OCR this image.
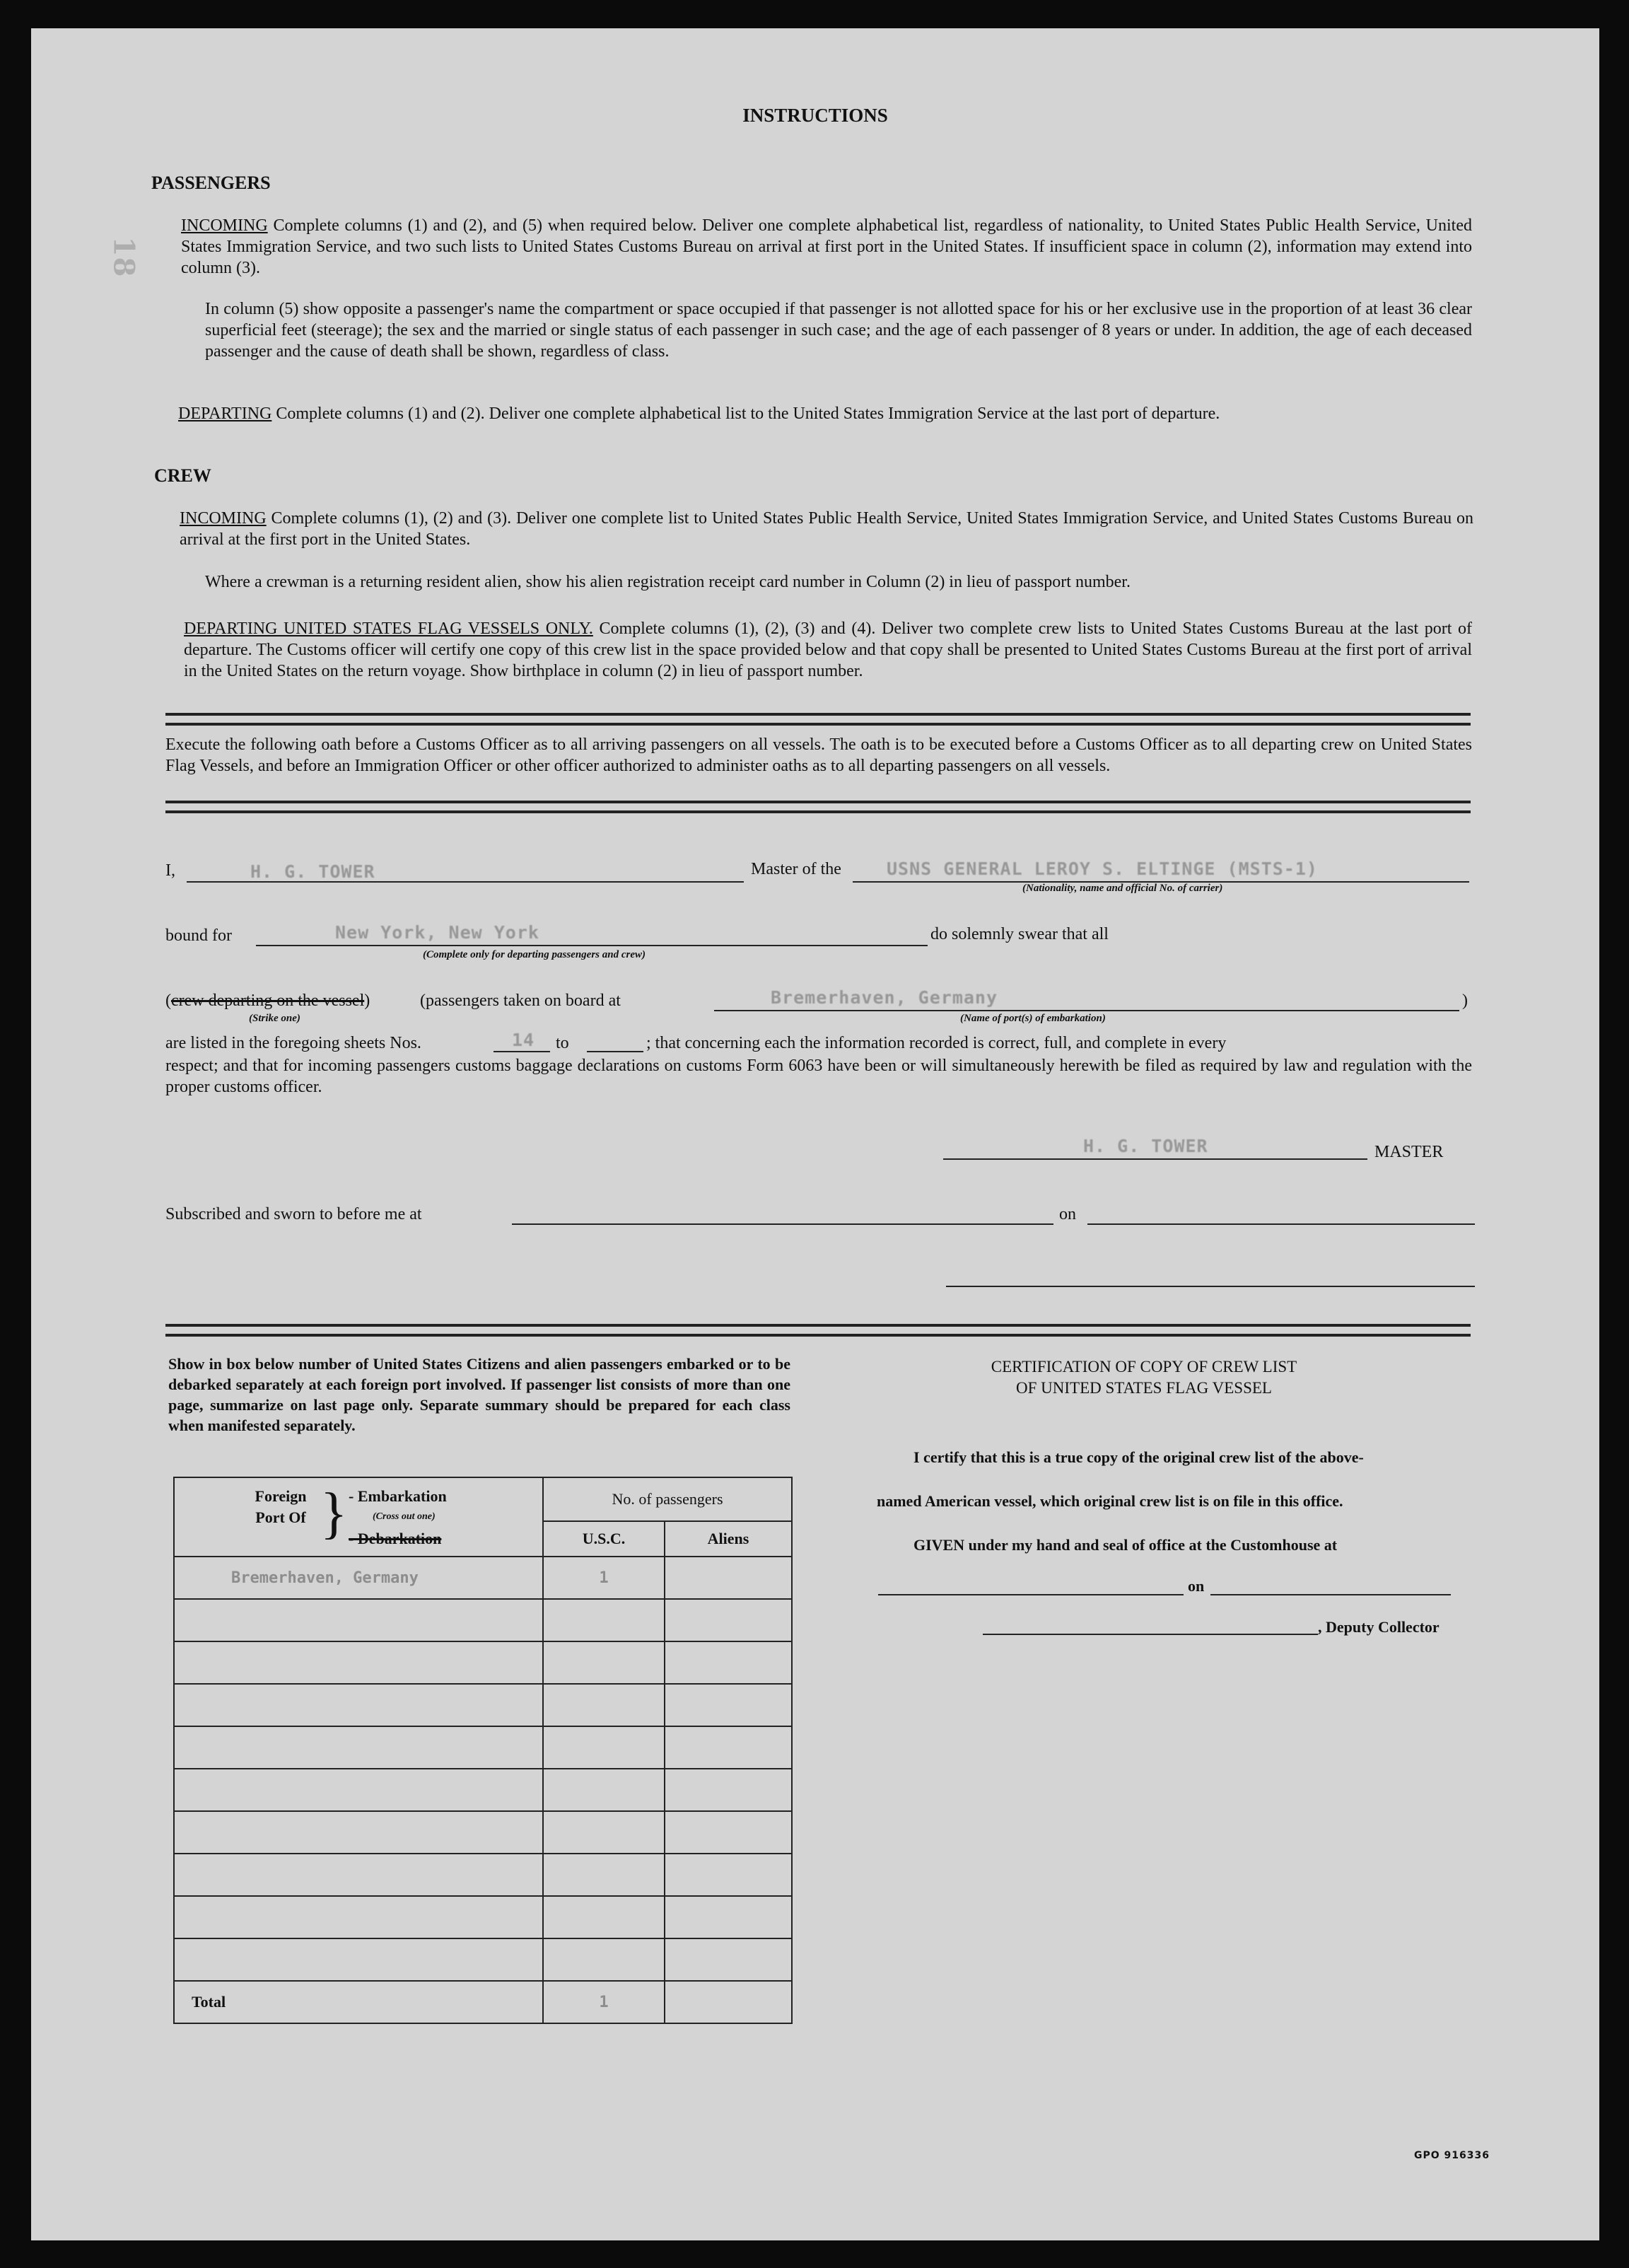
18
INSTRUCTIONS
PASSENGERS
INCOMING Complete columns (1) and (2), and (5) when required below. Deliver one complete alphabetical list, regardless of nationality, to United States Public Health Service, United States Immigration Service, and two such lists to United States Customs Bureau on arrival at first port in the United States. If insufficient space in column (2), information may extend into column (3).
In column (5) show opposite a passenger's name the compartment or space occupied if that passenger is not allotted space for his or her exclusive use in the proportion of at least 36 clear superficial feet (steerage); the sex and the married or single status of each passenger in such case; and the age of each passenger of 8 years or under. In addition, the age of each deceased passenger and the cause of death shall be shown, regardless of class.
DEPARTING Complete columns (1) and (2). Deliver one complete alphabetical list to the United States Immigration Service at the last port of departure.
CREW
INCOMING Complete columns (1), (2) and (3). Deliver one complete list to United States Public Health Service, United States Immigration Service, and United States Customs Bureau on arrival at the first port in the United States.
Where a crewman is a returning resident alien, show his alien registration receipt card number in Column (2) in lieu of passport number.
DEPARTING UNITED STATES FLAG VESSELS ONLY. Complete columns (1), (2), (3) and (4). Deliver two complete crew lists to United States Customs Bureau at the last port of departure. The Customs officer will certify one copy of this crew list in the space provided below and that copy shall be presented to United States Customs Bureau at the first port of arrival in the United States on the return voyage. Show birthplace in column (2) in lieu of passport number.
Execute the following oath before a Customs Officer as to all arriving passengers on all vessels. The oath is to be executed before a Customs Officer as to all departing crew on United States Flag Vessels, and before an Immigration Officer or other officer authorized to administer oaths as to all departing passengers on all vessels.
I,	H. G. TOWER	Master of the	USNS GENERAL LEROY S. ELTINGE (MSTS-1)
(Nationality, name and official No. of carrier)
bound for	New York, New York
(Complete only for departing passengers and crew)
do solemnly swear that all
(crew departing on the vessel)
(Strike one)
(passengers taken on board at	Bremerhaven, Germany
(Name of port(s) of embarkation)
)
are listed in the foregoing sheets Nos.	14 to	; that concerning each the information recorded is correct, full, and complete in every
respect; and that for incoming passengers customs baggage declarations on customs Form 6063 have been or will simultaneously herewith be filed as required by law and regulation with the proper customs officer.
H. G. TOWER	MASTER
Subscribed and sworn to before me at	on
Show in box below number of United States Citizens and alien passengers embarked or to be debarked separately at each foreign port involved. If passenger list consists of more than one page, summarize on last page only. Separate summary should be prepared for each class when manifested separately.
Foreign Port Of } - Embarkation
(Cross out one)
- Debarkation	No. of passengers	
	U.S.C.	Aliens
Bremerhaven, Germany	1	

Total	1	
CERTIFICATION OF COPY OF CREW LIST
OF UNITED STATES FLAG VESSEL
I certify that this is a true copy of the original crew list of the above-
named American vessel, which original crew list is on file in this office.
GIVEN under my hand and seal of office at the Customhouse at
on
, Deputy Collector
GPO 916336
